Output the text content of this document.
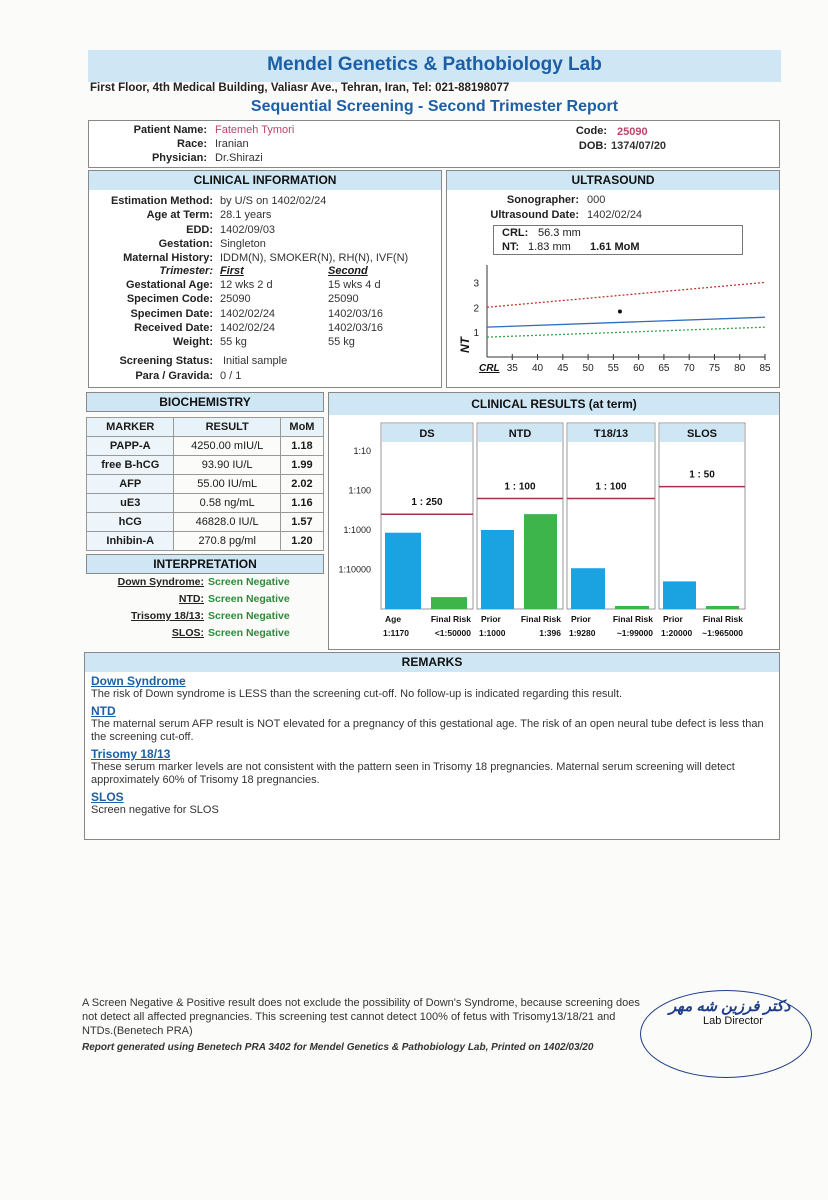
Mendel Genetics & Pathobiology Lab
First Floor, 4th Medical Building, Valiasr Ave., Tehran, Iran, Tel: 021-88198077
Sequential Screening - Second Trimester Report
Patient Name: Fatemeh Tymori
Race: Iranian
Physician: Dr.Shirazi
Code: 25090
DOB: 1374/07/20
CLINICAL INFORMATION
Estimation Method: by U/S on 1402/02/24
Age at Term: 28.1 years
EDD: 1402/09/03
Gestation: Singleton
Maternal History: IDDM(N), SMOKER(N), RH(N), IVF(N)
Trimester: First	Second
Gestational Age: 12 wks 2 d	15 wks 4 d
Specimen Code: 25090	25090
Specimen Date: 1402/02/24	1402/03/16
Received Date: 1402/02/24	1402/03/16
Weight: 55 kg	55 kg
Screening Status: Initial sample
Para / Gravida: 0 / 1
ULTRASOUND
Sonographer: 000
Ultrasound Date: 1402/02/24
CRL: 56.3 mm
NT: 1.83 mm 1.61 MoM
35 40 45 50 55 60 65 70 75 80 85
1
2
3
NT
CRL
BIOCHEMISTRY
MARKER	RESULT	MoM
PAPP-A	4250.00 mIU/L	1.18
free B-hCG	93.90 IU/L	1.99
AFP	55.00 IU/mL	2.02
uE3	0.58 ng/mL	1.16
hCG	46828.0 IU/L	1.57
Inhibin-A	270.8 pg/ml	1.20
INTERPRETATION
Down Syndrome: Screen Negative
NTD: Screen Negative
Trisomy 18/13: Screen Negative
SLOS: Screen Negative
CLINICAL RESULTS (at term)
1:10
1:100
1:1000
1:10000
DS
1 : 250
Age	Final Risk
1:1170	<1:50000
NTD
1 : 100
Prior Final Risk
1:1000	1:396
T18/13
1 : 100
Prior	Final Risk
1:9280	~1:99000
SLOS
1 : 50
Prior Final Risk
1:20000 ~1:965000
REMARKS
Down Syndrome
The risk of Down syndrome is LESS than the screening cut-off. No follow-up is indicated regarding this result.
NTD
The maternal serum AFP result is NOT elevated for a pregnancy of this gestational age. The risk of an open neural tube defect is less than the screening cut-off.
Trisomy 18/13
These serum marker levels are not consistent with the pattern seen in Trisomy 18 pregnancies. Maternal serum screening will detect approximately 60% of Trisomy 18 pregnancies.
SLOS
Screen negative for SLOS
A Screen Negative & Positive result does not exclude the possibility of Down's Syndrome, because screening does not detect all affected pregnancies. This screening test cannot detect 100% of fetus with Trisomy13/18/21 and NTDs.(Benetech PRA)
Report generated using Benetech PRA 3402 for Mendel Genetics & Pathobiology Lab, Printed on 1402/03/20
Lab Director
دکتر فرزین شه مهر
